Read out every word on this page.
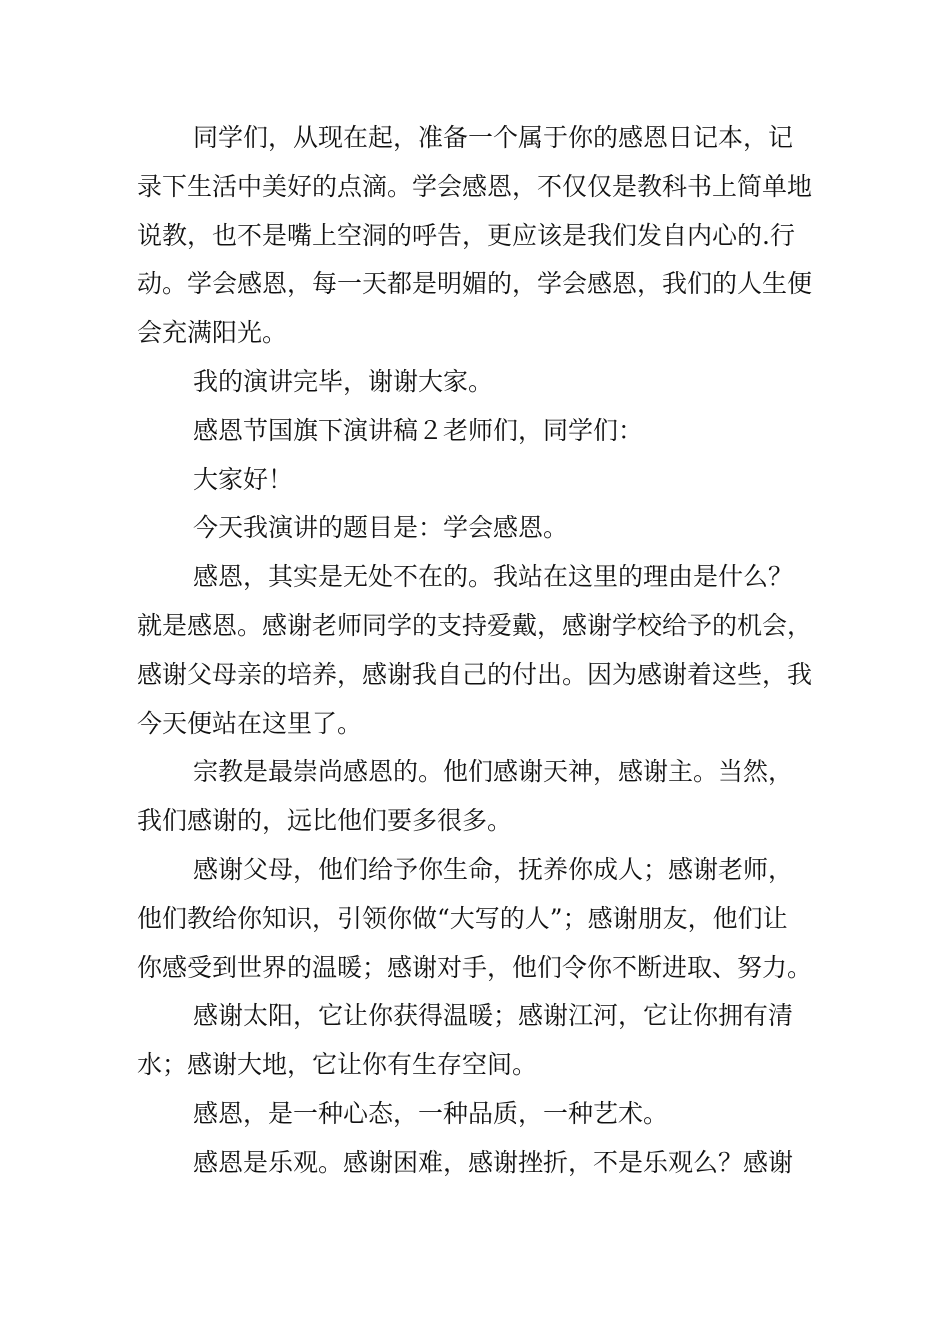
同学们，从现在起，准备一个属于你的感恩日记本，记
录下生活中美好的点滴。学会感恩，不仅仅是教科书上简单地
说教，也不是嘴上空洞的呼告，更应该是我们发自内心的.行
动。学会感恩，每一天都是明媚的，学会感恩，我们的人生便
会充满阳光。

我的演讲完毕，谢谢大家。

感恩节国旗下演讲稿２老师们，同学们：

大家好！

今天我演讲的题目是：学会感恩。

感恩，其实是无处不在的。我站在这里的理由是什么？
就是感恩。感谢老师同学的支持爱戴，感谢学校给予的机会，
感谢父母亲的培养，感谢我自己的付出。因为感谢着这些，我
今天便站在这里了。

宗教是最崇尚感恩的。他们感谢天神，感谢主。当然，
我们感谢的，远比他们要多很多。

感谢父母，他们给予你生命，抚养你成人；感谢老师，
他们教给你知识，引领你做“大写的人”；感谢朋友，他们让
你感受到世界的温暖；感谢对手，他们令你不断进取、努力。

感谢太阳，它让你获得温暖；感谢江河，它让你拥有清
水；感谢大地，它让你有生存空间。

感恩，是一种心态，一种品质，一种艺术。

感恩是乐观。感谢困难，感谢挫折，不是乐观么？感谢
